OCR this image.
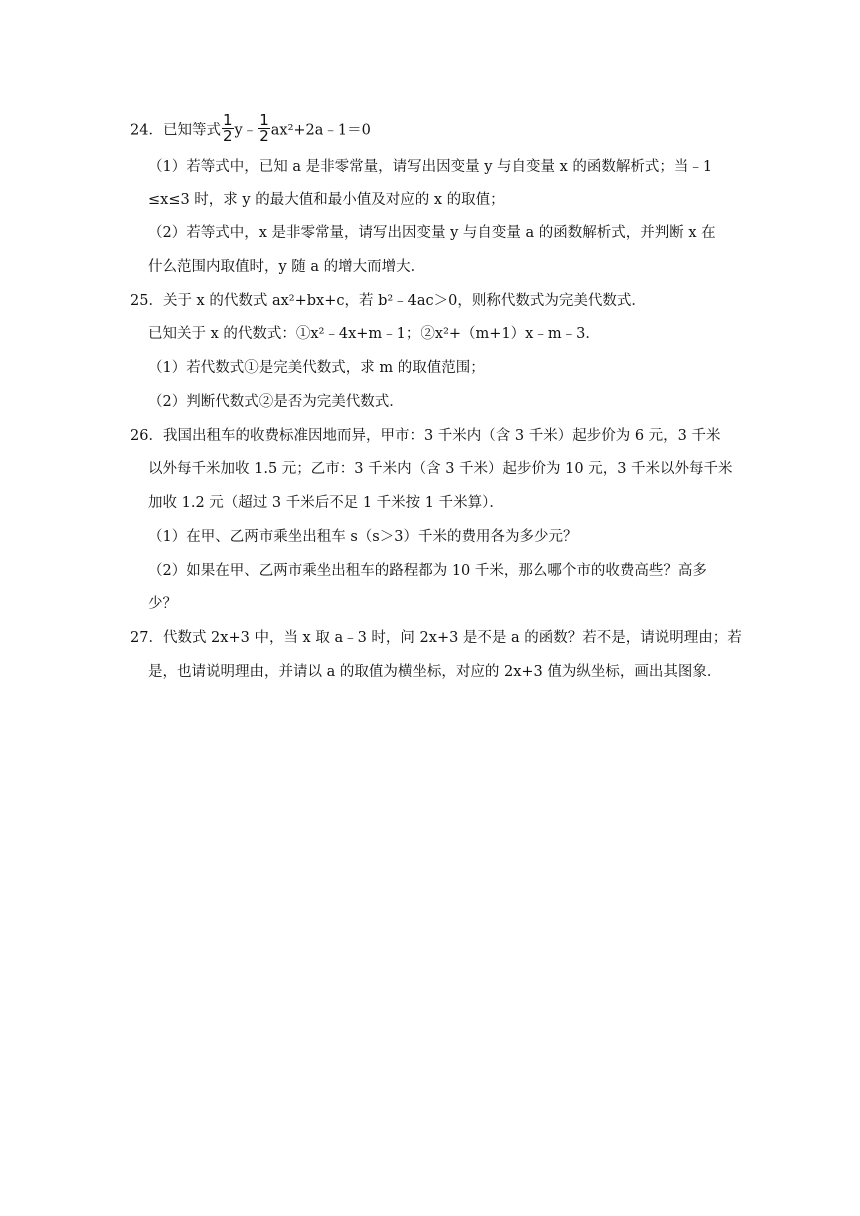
24．已知等式 $\frac{1}{2}$ y﹣ $\frac{1}{2}$ ax²+2a﹣1＝0
（1）若等式中，已知 a 是非零常量，请写出因变量 y 与自变量 x 的函数解析式；当﹣1
≤x≤3 时，求 y 的最大值和最小值及对应的 x 的取值；
（2）若等式中，x 是非零常量，请写出因变量 y 与自变量 a 的函数解析式，并判断 x 在
什么范围内取值时，y 随 a 的增大而增大．
25．关于 x 的代数式 ax²+bx+c，若 b²﹣4ac＞0，则称代数式为完美代数式．
已知关于 x 的代数式：①x²﹣4x+m﹣1；②x²+（m+1）x﹣m﹣3．
（1）若代数式①是完美代数式，求 m 的取值范围；
（2）判断代数式②是否为完美代数式．
26．我国出租车的收费标准因地而异，甲市：3 千米内（含 3 千米）起步价为 6 元，3 千米
以外每千米加收 1.5 元；乙市：3 千米内（含 3 千米）起步价为 10 元，3 千米以外每千米
加收 1.2 元（超过 3 千米后不足 1 千米按 1 千米算）．
（1）在甲、乙两市乘坐出租车 s（s＞3）千米的费用各为多少元？
（2）如果在甲、乙两市乘坐出租车的路程都为 10 千米，那么哪个市的收费高些？高多
少？
27．代数式 2x+3 中，当 x 取 a﹣3 时，问 2x+3 是不是 a 的函数？若不是，请说明理由；若
是，也请说明理由，并请以 a 的取值为横坐标，对应的 2x+3 值为纵坐标，画出其图象．
